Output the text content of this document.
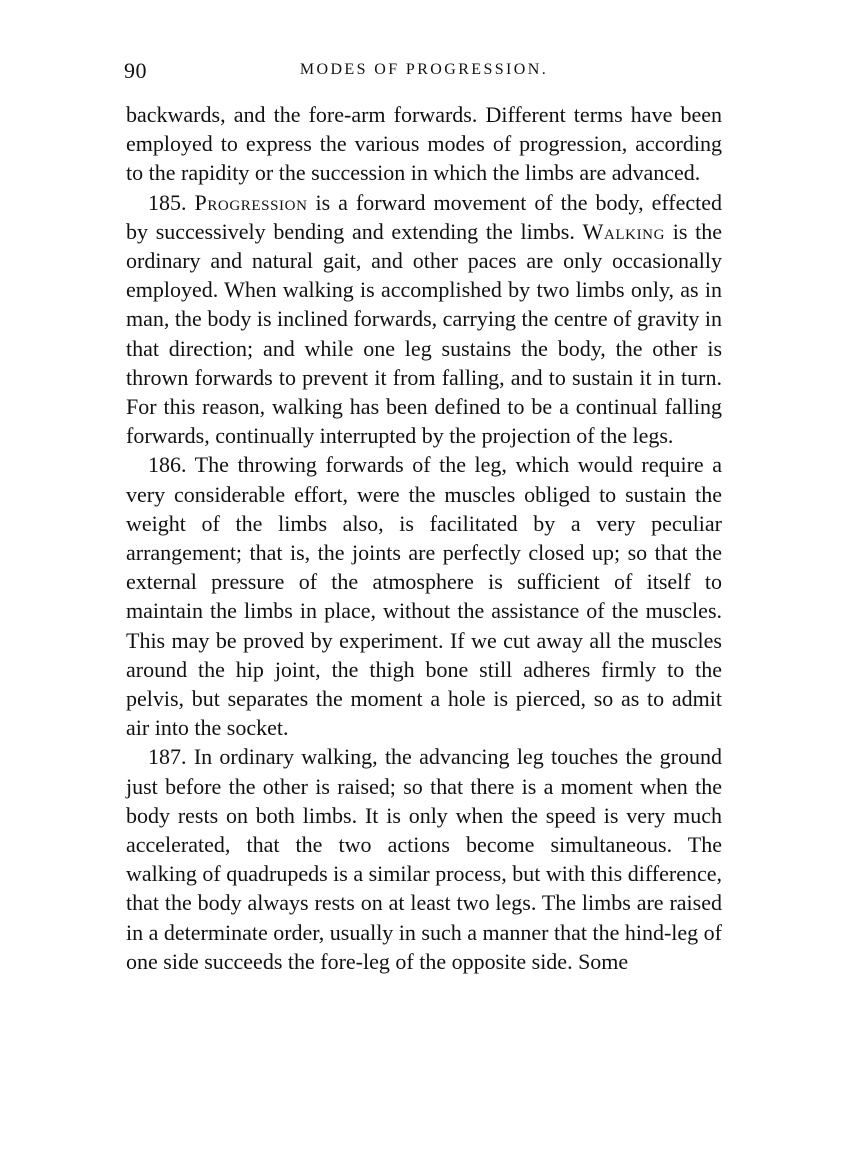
90	MODES OF PROGRESSION.

backwards, and the fore-arm forwards. Different terms have been employed to express the various modes of progression, according to the rapidity or the succession in which the limbs are advanced.

185. Progression is a forward movement of the body, effected by successively bending and extending the limbs. Walking is the ordinary and natural gait, and other paces are only occasionally employed. When walking is accomplished by two limbs only, as in man, the body is inclined forwards, carrying the centre of gravity in that direction; and while one leg sustains the body, the other is thrown forwards to prevent it from falling, and to sustain it in turn. For this reason, walking has been defined to be a continual falling forwards, continually interrupted by the projection of the legs.

186. The throwing forwards of the leg, which would require a very considerable effort, were the muscles obliged to sustain the weight of the limbs also, is facilitated by a very peculiar arrangement; that is, the joints are perfectly closed up; so that the external pressure of the atmosphere is sufficient of itself to maintain the limbs in place, without the assistance of the muscles. This may be proved by experiment. If we cut away all the muscles around the hip joint, the thigh bone still adheres firmly to the pelvis, but separates the moment a hole is pierced, so as to admit air into the socket.

187. In ordinary walking, the advancing leg touches the ground just before the other is raised; so that there is a moment when the body rests on both limbs. It is only when the speed is very much accelerated, that the two actions become simultaneous. The walking of quadrupeds is a similar process, but with this difference, that the body always rests on at least two legs. The limbs are raised in a determinate order, usually in such a manner that the hind-leg of one side succeeds the fore-leg of the opposite side. Some
